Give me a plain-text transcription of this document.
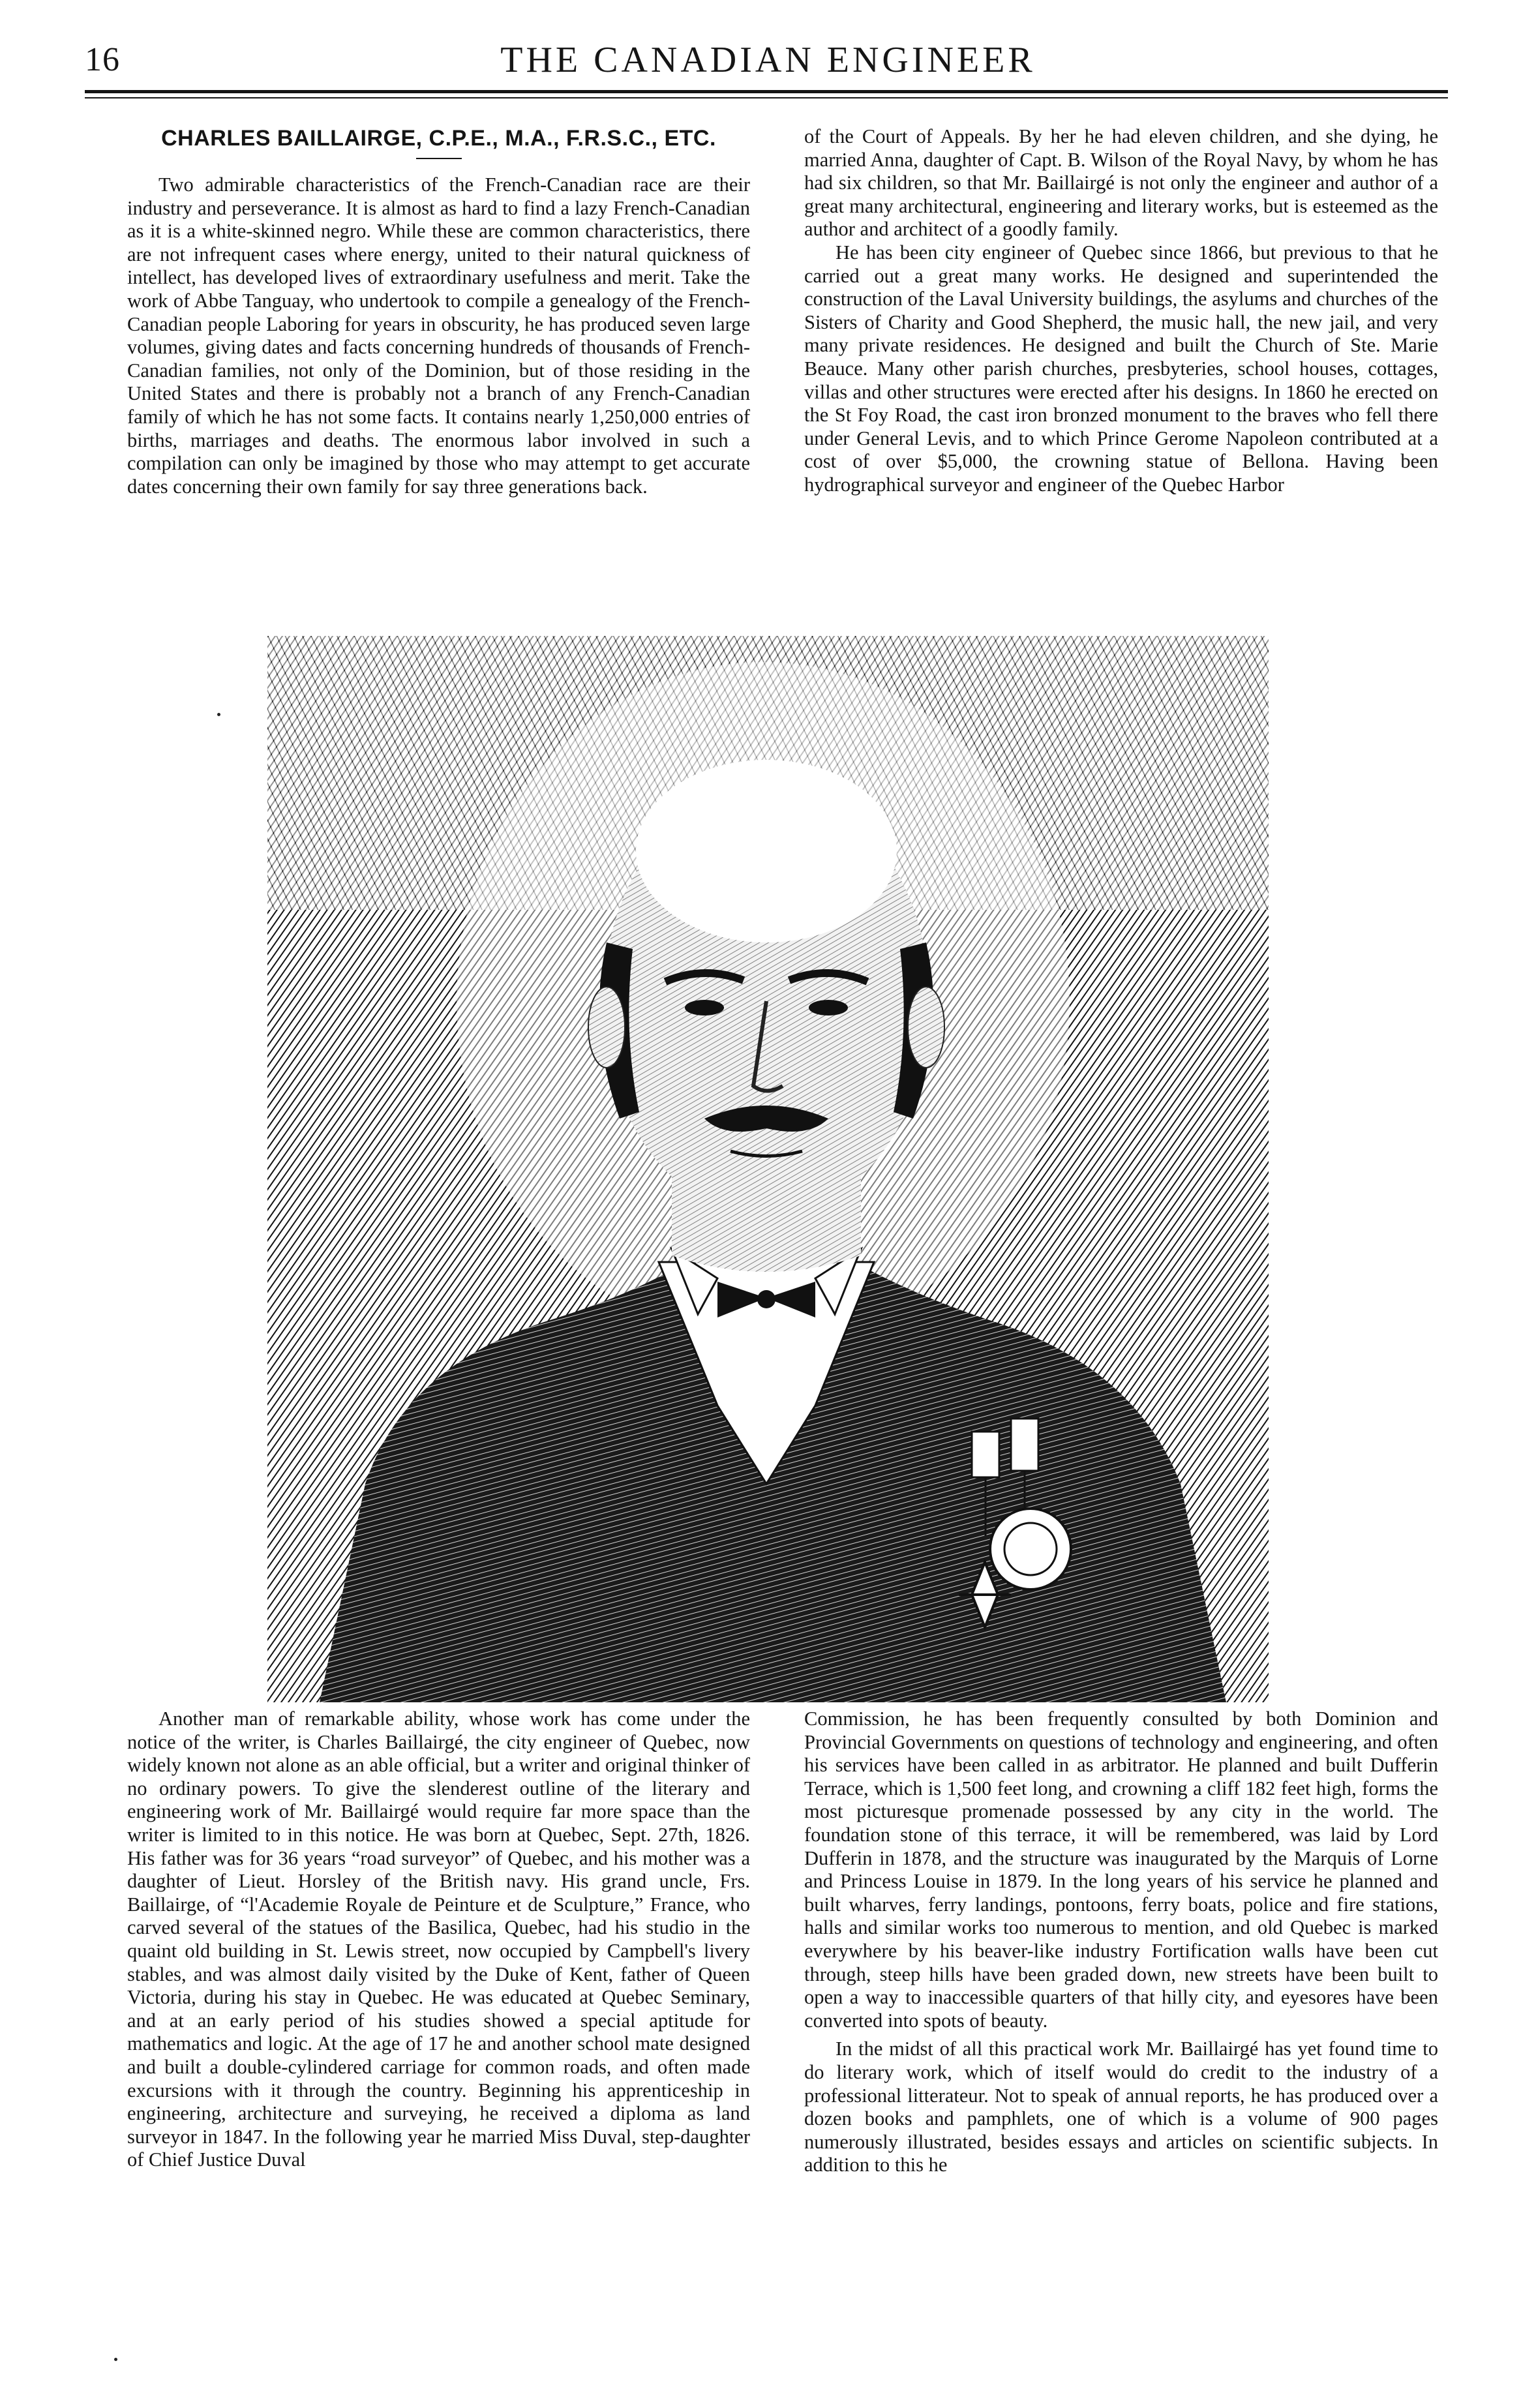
16	THE CANADIAN ENGINEER
CHARLES BAILLAIRGE, C.P.E., M.A., F.R.S.C., ETC.

Two admirable characteristics of the French-Canadian race are their industry and perseverance. It is almost as hard to find a lazy French-Canadian as it is a white-skinned negro. While these are common characteristics, there are not infrequent cases where energy, united to their natural quickness of intellect, has developed lives of extraordinary usefulness and merit. Take the work of Abbe Tanguay, who undertook to compile a genealogy of the French-Canadian people Laboring for years in obscurity, he has produced seven large volumes, giving dates and facts concerning hundreds of thousands of French-Canadian families, not only of the Dominion, but of those residing in the United States and there is probably not a branch of any French-Canadian family of which he has not some facts. It contains nearly 1,250,000 entries of births, marriages and deaths. The enormous labor involved in such a compilation can only be imagined by those who may attempt to get accurate dates concerning their own family for say three generations back.

of the Court of Appeals. By her he had eleven children, and she dying, he married Anna, daughter of Capt. B. Wilson of the Royal Navy, by whom he has had six children, so that Mr. Baillairgé is not only the engineer and author of a great many architectural, engineering and literary works, but is esteemed as the author and architect of a goodly family.

He has been city engineer of Quebec since 1866, but previous to that he carried out a great many works. He designed and superintended the construction of the Laval University buildings, the asylums and churches of the Sisters of Charity and Good Shepherd, the music hall, the new jail, and very many private residences. He designed and built the Church of Ste. Marie Beauce. Many other parish churches, presbyteries, school houses, cottages, villas and other structures were erected after his designs. In 1860 he erected on the St Foy Road, the cast iron bronzed monument to the braves who fell there under General Levis, and to which Prince Gerome Napoleon contributed at a cost of over $5,000, the crowning statue of Bellona. Having been hydrographical surveyor and engineer of the Quebec Harbor

Another man of remarkable ability, whose work has come under the notice of the writer, is Charles Baillairgé, the city engineer of Quebec, now widely known not alone as an able official, but a writer and original thinker of no ordinary powers. To give the slenderest outline of the literary and engineering work of Mr. Baillairgé would require far more space than the writer is limited to in this notice. He was born at Quebec, Sept. 27th, 1826. His father was for 36 years “road surveyor” of Quebec, and his mother was a daughter of Lieut. Horsley of the British navy. His grand uncle, Frs. Baillairge, of “l'Academie Royale de Peinture et de Sculpture,” France, who carved several of the statues of the Basilica, Quebec, had his studio in the quaint old building in St. Lewis street, now occupied by Campbell's livery stables, and was almost daily visited by the Duke of Kent, father of Queen Victoria, during his stay in Quebec. He was educated at Quebec Seminary, and at an early period of his studies showed a special aptitude for mathematics and logic. At the age of 17 he and another school mate designed and built a double-cylindered carriage for common roads, and often made excursions with it through the country. Beginning his apprenticeship in engineering, architecture and surveying, he received a diploma as land surveyor in 1847. In the following year he married Miss Duval, step-daughter of Chief Justice Duval

Commission, he has been frequently consulted by both Dominion and Provincial Governments on questions of technology and engineering, and often his services have been called in as arbitrator. He planned and built Dufferin Terrace, which is 1,500 feet long, and crowning a cliff 182 feet high, forms the most picturesque promenade possessed by any city in the world. The foundation stone of this terrace, it will be remembered, was laid by Lord Dufferin in 1878, and the structure was inaugurated by the Marquis of Lorne and Princess Louise in 1879. In the long years of his service he planned and built wharves, ferry landings, pontoons, ferry boats, police and fire stations, halls and similar works too numerous to mention, and old Quebec is marked everywhere by his beaver-like industry Fortification walls have been cut through, steep hills have been graded down, new streets have been built to open a way to inaccessible quarters of that hilly city, and eyesores have been converted into spots of beauty.

In the midst of all this practical work Mr. Baillairgé has yet found time to do literary work, which of itself would do credit to the industry of a professional litterateur. Not to speak of annual reports, he has produced over a dozen books and pamphlets, one of which is a volume of 900 pages numerously illustrated, besides essays and articles on scientific subjects. In addition to this he
